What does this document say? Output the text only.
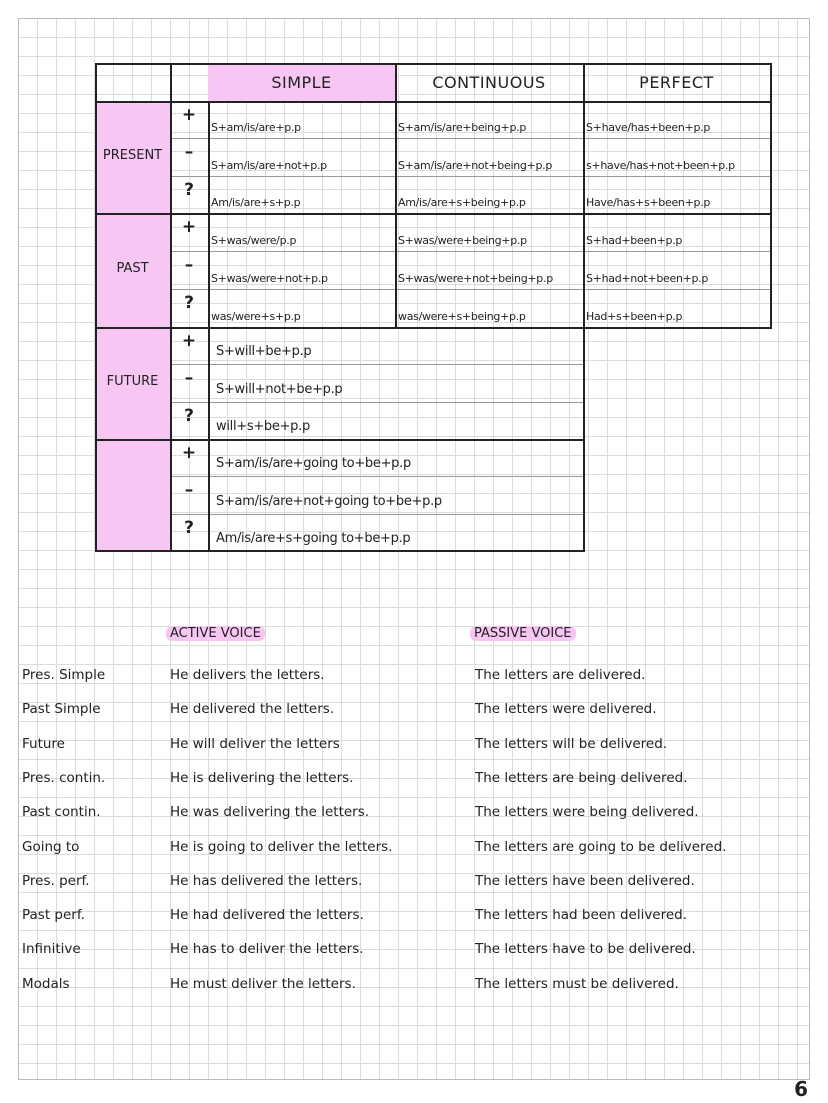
SIMPLE	CONTINUOUS	PERFECT
PRESENT
+
S+am/is/are+p.p	S+am/is/are+being+p.p	S+have/has+been+p.p
–
S+am/is/are+not+p.p	S+am/is/are+not+being+p.p	s+have/has+not+been+p.p
?
Am/is/are+s+p.p	Am/is/are+s+being+p.p	Have/has+s+been+p.p
PAST
+
S+was/were/p.p	S+was/were+being+p.p	S+had+been+p.p
–
S+was/were+not+p.p	S+was/were+not+being+p.p	S+had+not+been+p.p
?
was/were+s+p.p	was/were+s+being+p.p	Had+s+been+p.p
FUTURE
+
S+will+be+p.p
–
S+will+not+be+p.p
?
will+s+be+p.p
+
S+am/is/are+going to+be+p.p
–
S+am/is/are+not+going to+be+p.p
?
Am/is/are+s+going to+be+p.p
ACTIVE VOICE	PASSIVE VOICE
Pres. Simple	He delivers the letters.	The letters are delivered.
Past Simple	He delivered the letters.	The letters were delivered.
Future	He will deliver the letters	The letters will be delivered.
Pres. contin.	He is delivering the letters.	The letters are being delivered.
Past contin.	He was delivering the letters.	The letters were being delivered.
Going to	He is going to deliver the letters.	The letters are going to be delivered.
Pres. perf.	He has delivered the letters.	The letters have been delivered.
Past perf.	He had delivered the letters.	The letters had been delivered.
Infinitive	He has to deliver the letters.	The letters have to be delivered.
Modals	He must deliver the letters.	The letters must be delivered.
6
